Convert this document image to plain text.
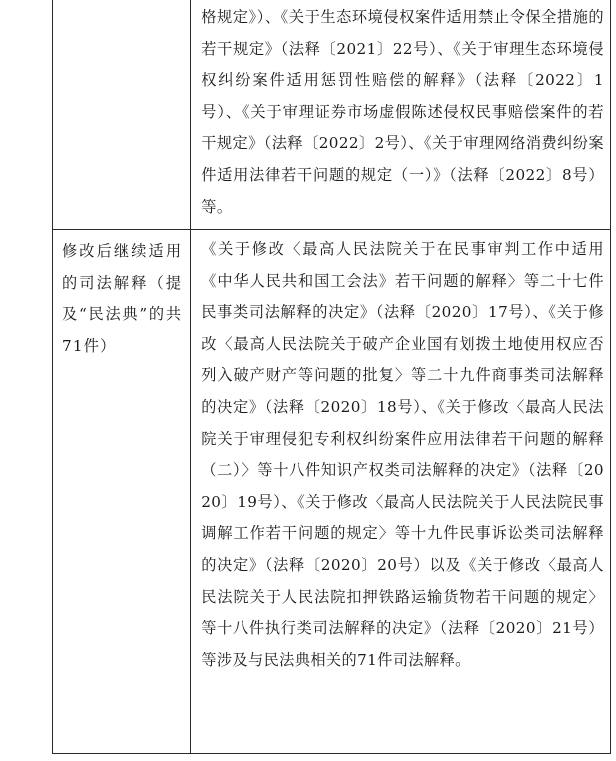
	格规定》）、《关于生态环境侵权案件适用禁止令保全措施的若干规定》（法释〔2021〕22号）、《关于审理生态环境侵权纠纷案件适用惩罚性赔偿的解释》（法释〔2022〕1号）、《关于审理证券市场虚假陈述侵权民事赔偿案件的若干规定》（法释〔2022〕2号）、《关于审理网络消费纠纷案件适用法律若干问题的规定（一）》（法释〔2022〕8号）等。

修改后继续适用的司法解释（提及“民法典”的共71件）	《关于修改〈最高人民法院关于在民事审判工作中适用《中华人民共和国工会法》若干问题的解释〉等二十七件民事类司法解释的决定》（法释〔2020〕17号）、《关于修改〈最高人民法院关于破产企业国有划拨土地使用权应否列入破产财产等问题的批复〉等二十九件商事类司法解释的决定》（法释〔2020〕18号）、《关于修改〈最高人民法院关于审理侵犯专利权纠纷案件应用法律若干问题的解释（二）〉等十八件知识产权类司法解释的决定》（法释〔2020〕19号）、《关于修改〈最高人民法院关于人民法院民事调解工作若干问题的规定〉等十九件民事诉讼类司法解释的决定》（法释〔2020〕20号）以及《关于修改〈最高人民法院关于人民法院扣押铁路运输货物若干问题的规定〉等十八件执行类司法解释的决定》（法释〔2020〕21号）等涉及与民法典相关的71件司法解释。
